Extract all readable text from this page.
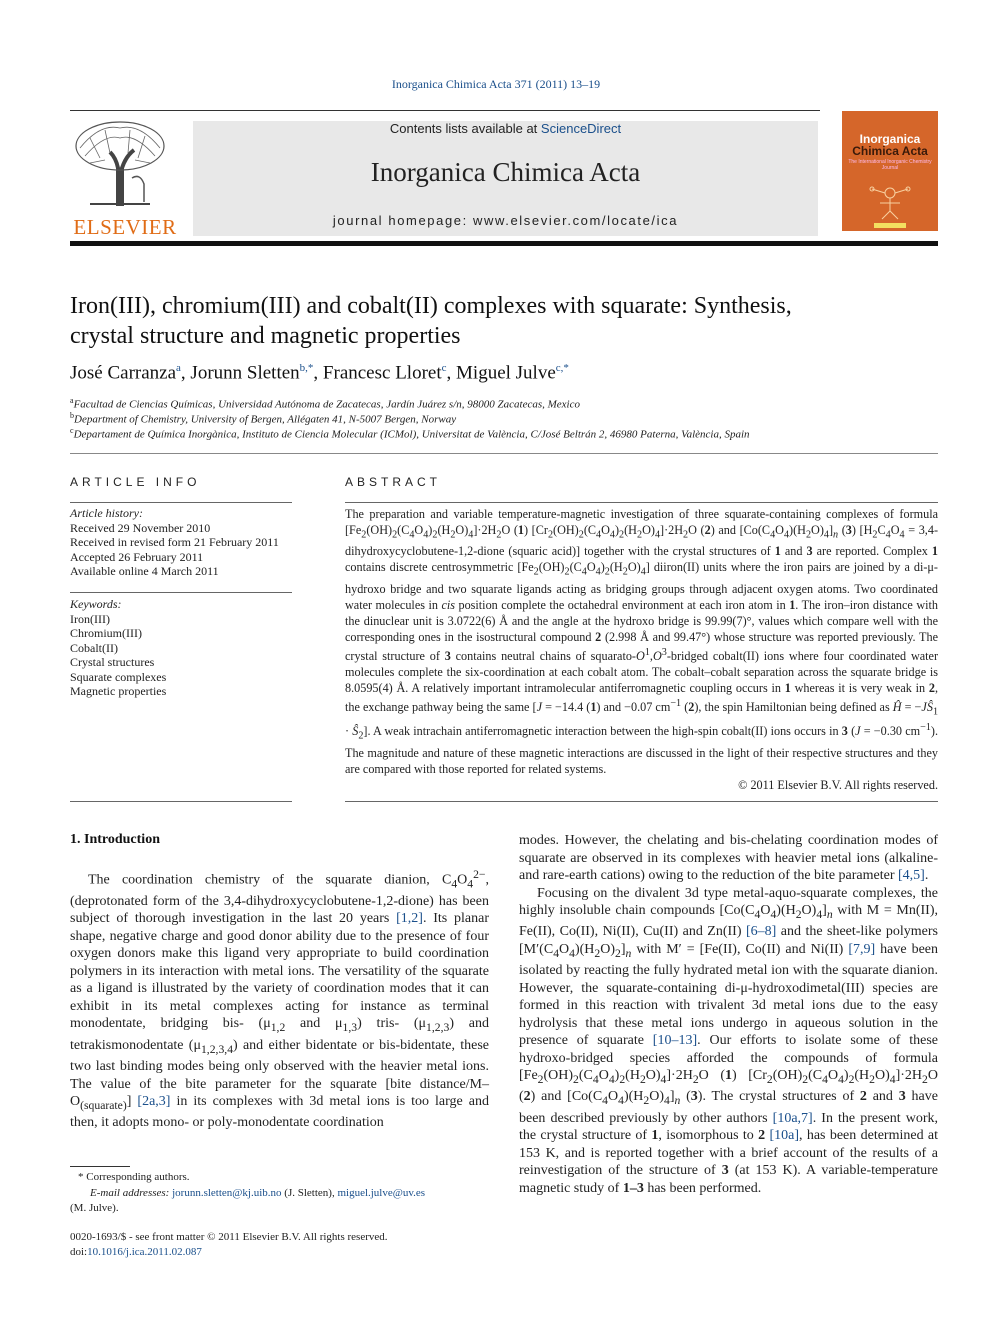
Inorganica Chimica Acta 371 (2011) 13–19
ELSEVIER
Contents lists available at ScienceDirect
Inorganica Chimica Acta
journal homepage: www.elsevier.com/locate/ica
Inorganica
Chimica Acta
The International Inorganic Chemistry Journal
Iron(III), chromium(III) and cobalt(II) complexes with squarate: Synthesis,
crystal structure and magnetic properties
José Carranza$^a$, Jorunn Sletten$^{b,*}$, Francesc Lloret$^c$, Miguel Julve$^{c,*}$
$^a$Facultad de Ciencias Químicas, Universidad Autónoma de Zacatecas, Jardín Juárez s/n, 98000 Zacatecas, Mexico
$^b$Department of Chemistry, University of Bergen, Allégaten 41, N-5007 Bergen, Norway
$^c$Departament de Química Inorgànica, Instituto de Ciencia Molecular (ICMol), Universitat de València, C/José Beltrán 2, 46980 Paterna, València, Spain
ARTICLE INFO
Article history:
Received 29 November 2010
Received in revised form 21 February 2011
Accepted 26 February 2011
Available online 4 March 2011
Keywords:
Iron(III)
Chromium(III)
Cobalt(II)
Crystal structures
Squarate complexes
Magnetic properties
ABSTRACT
The preparation and variable temperature-magnetic investigation of three squarate-containing complexes of formula $[Fe_2(OH)_2(C_4O_4)_2(H_2O)_4]\cdot 2H_2O$ (1) $[Cr_2(OH)_2(C_4O_4)_2(H_2O)_4]\cdot 2H_2O$ (2) and $[Co(C_4O_4)(H_2O)_4]_n$ (3) [$H_2C_4O_4$ = 3,4-dihydroxycyclobutene-1,2-dione (squaric acid)] together with the crystal structures of 1 and 3 are reported. Complex 1 contains discrete centrosymmetric $[Fe_2(OH)_2(C_4O_4)_2(H_2O)_4]$ diiron(II) units where the iron pairs are joined by a di-μ-hydroxo bridge and two squarate ligands acting as bridging groups through adjacent oxygen atoms. Two coordinated water molecules in cis position complete the octahedral environment at each iron atom in 1. The iron–iron distance with the dinuclear unit is 3.0722(6) Å and the angle at the hydroxo bridge is 99.99(7)°, values which compare well with the corresponding ones in the isostructural compound 2 (2.998 Å and 99.47°) whose structure was reported previously. The crystal structure of 3 contains neutral chains of squarato-$O^1,O^3$-bridged cobalt(II) ions where four coordinated water molecules complete the six-coordination at each cobalt atom. The cobalt–cobalt separation across the squarate bridge is 8.0595(4) Å. A relatively important intramolecular antiferromagnetic coupling occurs in 1 whereas it is very weak in 2, the exchange pathway being the same [J = −14.4 (1) and −0.07 $cm^{-1}$ (2), the spin Hamiltonian being defined as Ĥ = $-JŜ_1$ · $Ŝ_2$]. A weak intrachain antiferromagnetic interaction between the high-spin cobalt(II) ions occurs in 3 (J = −0.30 $cm^{-1}$). The magnitude and nature of these magnetic interactions are discussed in the light of their respective structures and they are compared with those reported for related systems.
© 2011 Elsevier B.V. All rights reserved.
1. Introduction

The coordination chemistry of the squarate dianion, $C_4O_4^{2-}$, (deprotonated form of the 3,4-dihydroxycyclobutene-1,2-dione) has been subject of thorough investigation in the last 20 years [1,2]. Its planar shape, negative charge and good donor ability due to the presence of four oxygen donors make this ligand very appropriate to build coordination polymers in its interaction with metal ions. The versatility of the squarate as a ligand is illustrated by the variety of coordination modes that it can exhibit in its metal complexes acting for instance as terminal monodentate, bridging bis- ($\mu_{1,2}$ and $\mu_{1,3}$) tris- $(\mu_{1,2,3})$ and tetrakismonodentate $(\mu_{1,2,3,4})$ and either bidentate or bis-bidentate, these two last binding modes being only observed with the heavier metal ions. The value of the bite parameter for the squarate [bite distance/$M-O_{(squarate)}$] [2a,3] in its complexes with 3d metal ions is too large and then, it adopts mono- or poly-monodentate coordination

* Corresponding authors.
E-mail addresses: jorunn.sletten@kj.uib.no (J. Sletten), miguel.julve@uv.es
(M. Julve).
0020-1693/$ - see front matter © 2011 Elsevier B.V. All rights reserved.
doi:10.1016/j.ica.2011.02.087

modes. However, the chelating and bis-chelating coordination modes of squarate are observed in its complexes with heavier metal ions (alkaline- and rare-earth cations) owing to the reduction of the bite parameter [4,5].

Focusing on the divalent 3d type metal-aquo-squarate complexes, the highly insoluble chain compounds $[Co(C_4O_4)(H_2O)_4]_n$ with M = Mn(II), Fe(II), Co(II), Ni(II), Cu(II) and Zn(II) [6–8] and the sheet-like polymers $[M'(C_4O_4)(H_2O)_2]_n$ with M′ = [Fe(II), Co(II) and Ni(II) [7,9] have been isolated by reacting the fully hydrated metal ion with the squarate dianion. However, the squarate-containing di-μ-hydroxodimetal(III) species are formed in this reaction with trivalent 3d metal ions due to the easy hydrolysis that these metal ions undergo in aqueous solution in the presence of squarate [10–13]. Our efforts to isolate some of these hydroxo-bridged species afforded the compounds of formula $[Fe_2(OH)_2(C_4O_4)_2(H_2O)_4]\cdot 2H_2O$ (1) $[Cr_2(OH)_2(C_4O_4)_2(H_2O)_4]\cdot 2H_2O$ (2) and $[Co(C_4O_4)(H_2O)_4]_n$ (3). The crystal structures of 2 and 3 have been described previously by other authors [10a,7]. In the present work, the crystal structure of 1, isomorphous to 2 [10a], has been determined at 153 K, and is reported together with a brief account of the results of a reinvestigation of the structure of 3 (at 153 K). A variable-temperature magnetic study of 1–3 has been performed.
